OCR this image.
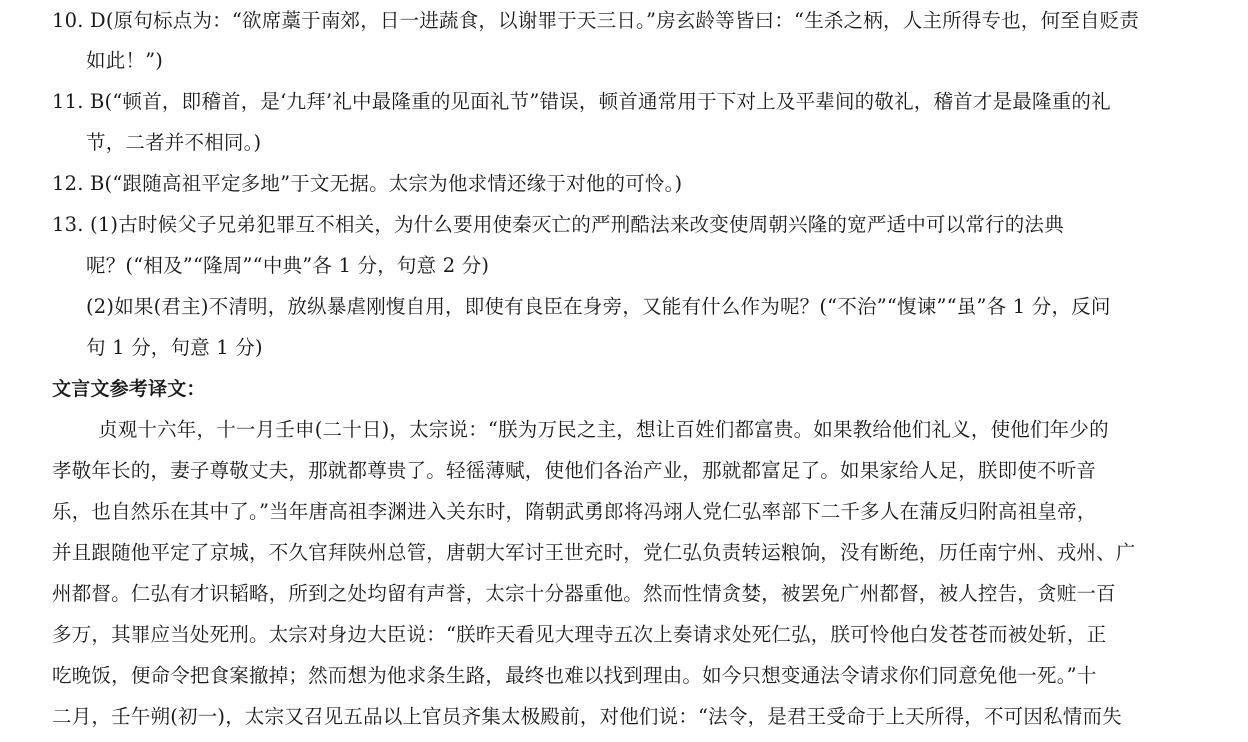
10. D(原句标点为：“欲席藁于南郊，日一进蔬食，以谢罪于天三日。”房玄龄等皆曰：“生杀之柄，人主所得专也，何至自贬责
如此！”)
11. B(“顿首，即稽首，是‘九拜’礼中最隆重的见面礼节”错误，顿首通常用于下对上及平辈间的敬礼，稽首才是最隆重的礼
节，二者并不相同。)
12. B(“跟随高祖平定多地”于文无据。太宗为他求情还缘于对他的可怜。)
13. (1)古时候父子兄弟犯罪互不相关，为什么要用使秦灭亡的严刑酷法来改变使周朝兴隆的宽严适中可以常行的法典
呢？(“相及”“隆周”“中典”各 1 分，句意 2 分)
(2)如果(君主)不清明，放纵暴虐刚愎自用，即使有良臣在身旁，又能有什么作为呢？(“不治”“愎谏”“虽”各 1 分，反问
句 1 分，句意 1 分)
文言文参考译文：
贞观十六年，十一月壬申(二十日)，太宗说：“朕为万民之主，想让百姓们都富贵。如果教给他们礼义，使他们年少的
孝敬年长的，妻子尊敬丈夫，那就都尊贵了。轻徭薄赋，使他们各治产业，那就都富足了。如果家给人足，朕即使不听音
乐，也自然乐在其中了。”当年唐高祖李渊进入关东时，隋朝武勇郎将冯翊人党仁弘率部下二千多人在蒲反归附高祖皇帝，
并且跟随他平定了京城，不久官拜陕州总管，唐朝大军讨王世充时，党仁弘负责转运粮饷，没有断绝，历任南宁州、戎州、广
州都督。仁弘有才识韬略，所到之处均留有声誉，太宗十分器重他。然而性情贪婪，被罢免广州都督，被人控告，贪赃一百
多万，其罪应当处死刑。太宗对身边大臣说：“朕昨天看见大理寺五次上奏请求处死仁弘，朕可怜他白发苍苍而被处斩，正
吃晚饭，便命令把食案撤掉；然而想为他求条生路，最终也难以找到理由。如今只想变通法令请求你们同意免他一死。”十
二月，壬午朔(初一)，太宗又召见五品以上官员齐集太极殿前，对他们说：“法令，是君王受命于上天所得，不可因私情而失
